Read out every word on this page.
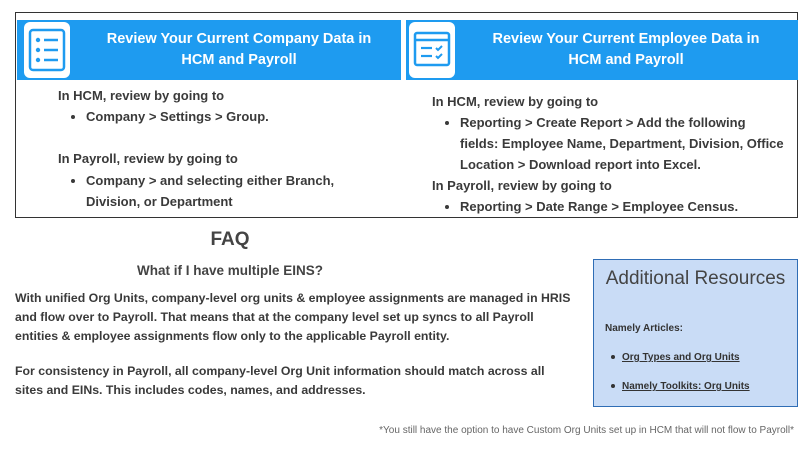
Review Your Current Company Data in HCM and Payroll
Review Your Current Employee Data in HCM and Payroll
In HCM, review by going to
• Company > Settings > Group.
In Payroll, review by going to
• Company > and selecting either Branch, Division, or Department
In HCM, review by going to
• Reporting > Create Report > Add the following fields: Employee Name, Department, Division, Office Location > Download report into Excel.
In Payroll, review by going to
• Reporting > Date Range > Employee Census.
FAQ
What if I have multiple EINS?
With unified Org Units, company-level org units & employee assignments are managed in HRIS and flow over to Payroll. That means that at the company level set up syncs to all Payroll entities & employee assignments flow only to the applicable Payroll entity.
For consistency in Payroll, all company-level Org Unit information should match across all sites and EINs. This includes codes, names, and addresses.
Additional Resources
Namely Articles:
Org Types and Org Units
Namely Toolkits: Org Units
*You still have the option to have Custom Org Units set up in HCM that will not flow to Payroll*
